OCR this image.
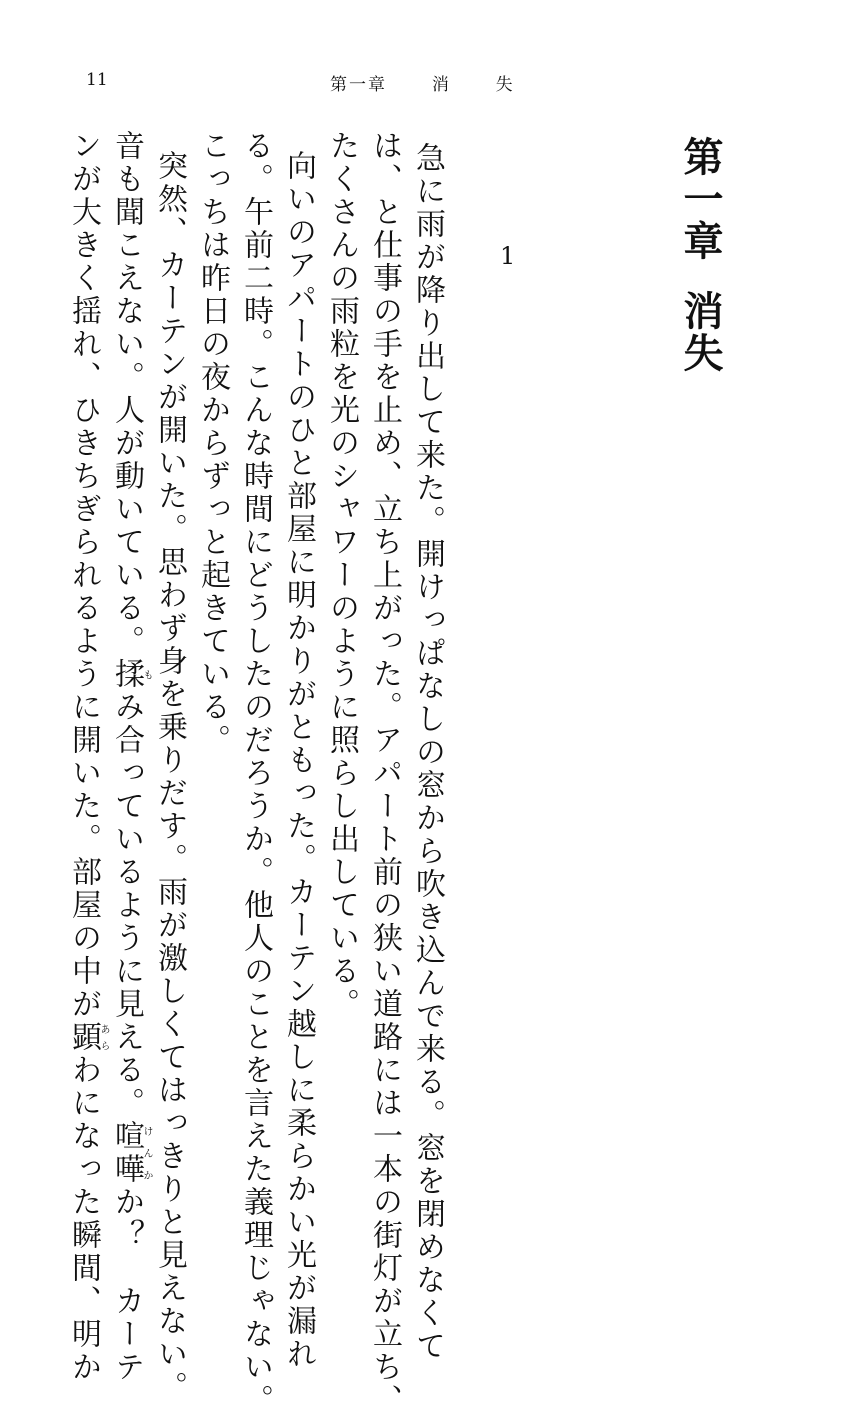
11	第一章	消	失
第一章消失
1
急に雨が降り出して来た。開けっぱなしの窓から吹き込んで来る。窓を閉めなくて
は、と仕事の手を止め、立ち上がった。アパート前の狭い道路には一本の街灯が立ち、
たくさんの雨粒を光のシャワーのように照らし出している。
向いのアパートのひと部屋に明かりがともった。カーテン越しに柔らかい光が漏れ
る。午前二時。こんな時間にどうしたのだろうか。他人のことを言えた義理じゃない。
こっちは昨日の夜からずっと起きている。
突然、カーテンが開いた。思わず身を乗りだす。雨が激しくてはっきりと見えない。
音も聞こえない。人が動いている。揉もみ合っているように見える。喧嘩けんかか？　カーテ
ンが大きく揺れ、ひきちぎられるように開いた。部屋の中が顕あらわになった瞬間、明か
